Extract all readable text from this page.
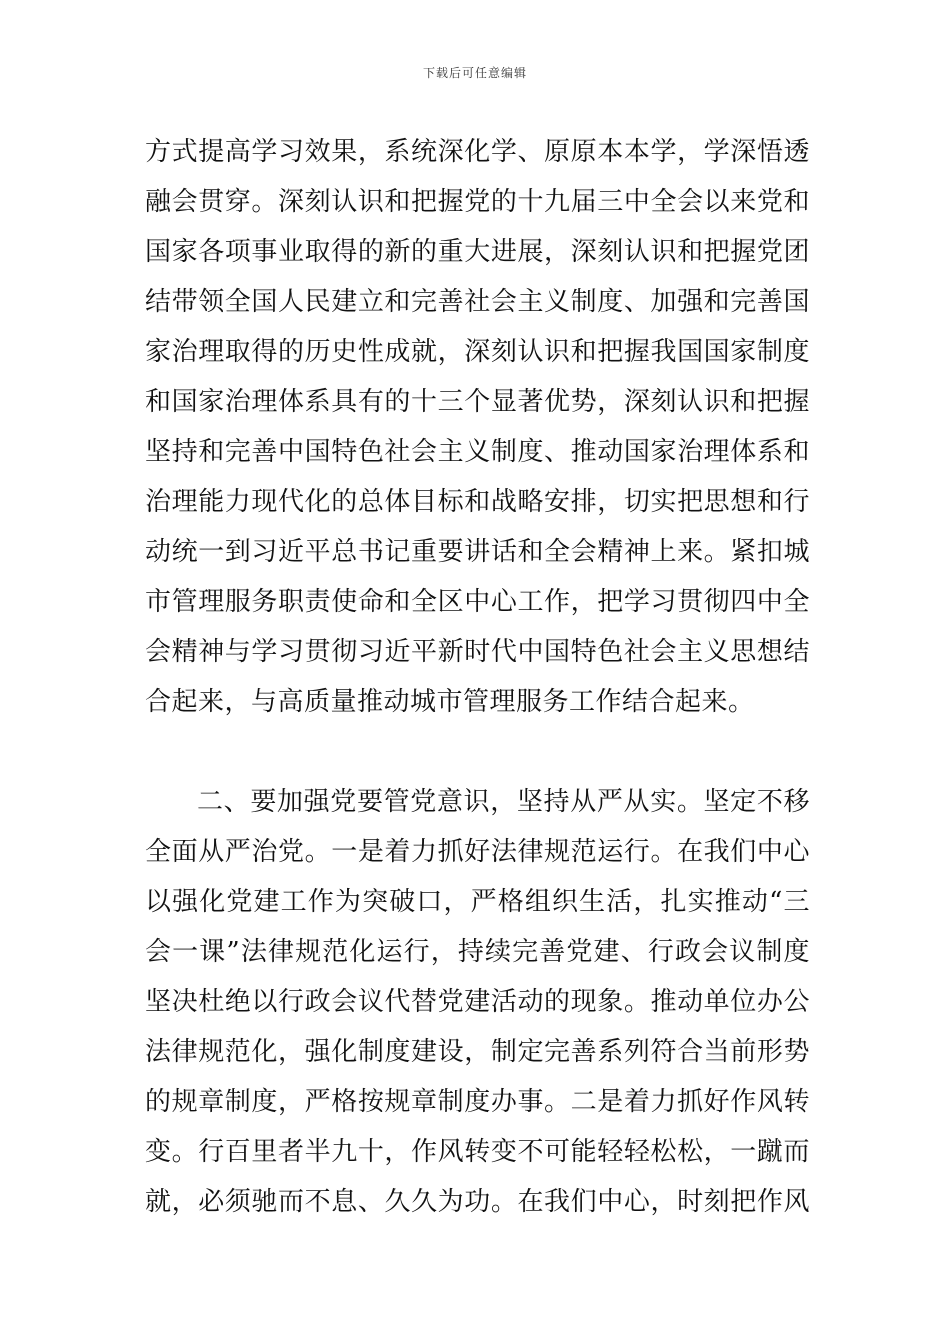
下载后可任意编辑
方式提高学习效果，系统深化学、原原本本学，学深悟透
融会贯穿。深刻认识和把握党的十九届三中全会以来党和
国家各项事业取得的新的重大进展，深刻认识和把握党团
结带领全国人民建立和完善社会主义制度、加强和完善国
家治理取得的历史性成就，深刻认识和把握我国国家制度
和国家治理体系具有的十三个显著优势，深刻认识和把握
坚持和完善中国特色社会主义制度、推动国家治理体系和
治理能力现代化的总体目标和战略安排，切实把思想和行
动统一到习近平总书记重要讲话和全会精神上来。紧扣城
市管理服务职责使命和全区中心工作，把学习贯彻四中全
会精神与学习贯彻习近平新时代中国特色社会主义思想结
合起来，与高质量推动城市管理服务工作结合起来。
二、要加强党要管党意识，坚持从严从实。坚定不移
全面从严治党。一是着力抓好法律规范运行。在我们中心
以强化党建工作为突破口，严格组织生活，扎实推动“三
会一课”法律规范化运行，持续完善党建、行政会议制度
坚决杜绝以行政会议代替党建活动的现象。推动单位办公
法律规范化，强化制度建设，制定完善系列符合当前形势
的规章制度，严格按规章制度办事。二是着力抓好作风转
变。行百里者半九十，作风转变不可能轻轻松松，一蹴而
就，必须驰而不息、久久为功。在我们中心，时刻把作风
